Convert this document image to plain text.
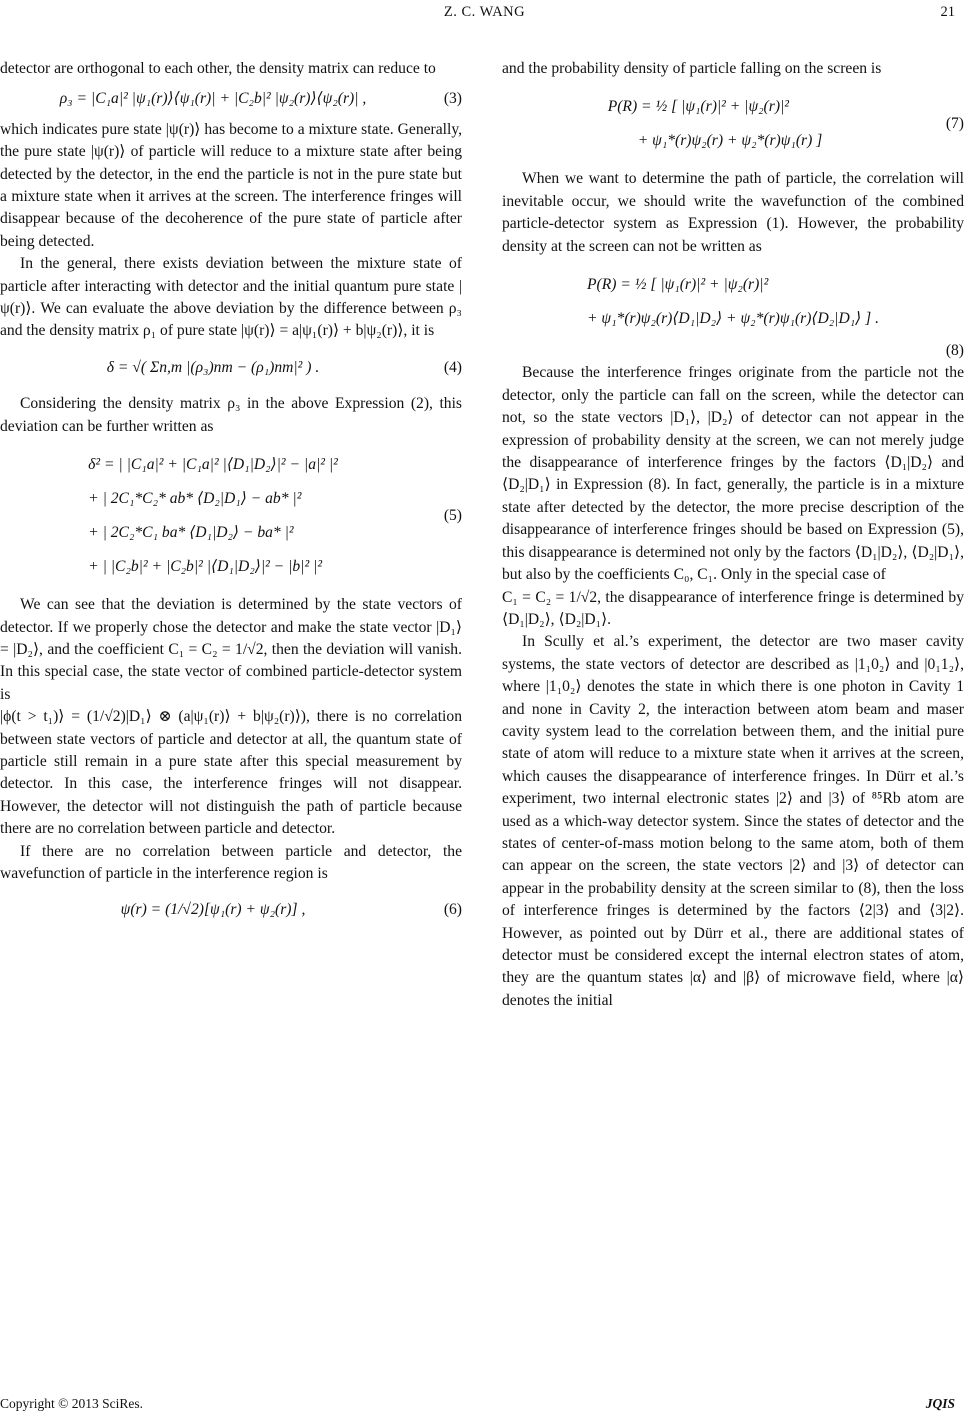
Z. C. WANG	21

detector are orthogonal to each other, the density matrix can reduce to

ρ₃ = |C₁a|² |ψ₁(r)⟩⟨ψ₁(r)| + |C₂b|² |ψ₂(r)⟩⟨ψ₂(r)| ,	(3)

which indicates pure state |ψ(r)⟩ has become to a mixture state. Generally, the pure state |ψ(r)⟩ of particle will reduce to a mixture state after being detected by the detector, in the end the particle is not in the pure state but a mixture state when it arrives at the screen. The interference fringes will disappear because of the decoherence of the pure state of particle after being detected.

In the general, there exists deviation between the mixture state of particle after interacting with detector and the initial quantum pure state |ψ(r)⟩. We can evaluate the above deviation by the difference between ρ₃ and the density matrix ρ₁ of pure state |ψ(r)⟩ = a|ψ₁(r)⟩ + b|ψ₂(r)⟩, it is

δ = √( Σn,m |(ρ₃)nm − (ρ₁)nm|² ) .	(4)

Considering the density matrix ρ₃ in the above Expression (2), this deviation can be further written as

δ² = | |C₁a|² + |C₁a|² |⟨D₁|D₂⟩|² − |a|² |²
+ | 2C₁*C₂* ab* ⟨D₂|D₁⟩ − ab* |²
+ | 2C₂*C₁ ba* ⟨D₁|D₂⟩ − ba* |²
+ | |C₂b|² + |C₂b|² |⟨D₁|D₂⟩|² − |b|² |²
(5)

We can see that the deviation is determined by the state vectors of detector. If we properly chose the detector and make the state vector |D₁⟩ = |D₂⟩, and the coefficient C₁ = C₂ = 1/√2, then the deviation will vanish. In this special case, the state vector of combined particle-detector system is

|ϕ(t > t₁)⟩ = (1/√2)|D₁⟩ ⊗ (a|ψ₁(r)⟩ + b|ψ₂(r)⟩), there is no correlation between state vectors of particle and detector at all, the quantum state of particle still remain in a pure state after this special measurement by detector. In this case, the interference fringes will not disappear. However, the detector will not distinguish the path of particle because there are no correlation between particle and detector.

If there are no correlation between particle and detector, the wavefunction of particle in the interference region is

ψ(r) = (1/√2)[ψ₁(r) + ψ₂(r)] ,	(6)

and the probability density of particle falling on the screen is

P(R) = ½ [ |ψ₁(r)|² + |ψ₂(r)|²
+ ψ₁*(r)ψ₂(r) + ψ₂*(r)ψ₁(r) ]
(7)

When we want to determine the path of particle, the correlation will inevitable occur, we should write the wavefunction of the combined particle-detector system as Expression (1). However, the probability density at the screen can not be written as

P(R) = ½ [ |ψ₁(r)|² + |ψ₂(r)|²
+ ψ₁*(r)ψ₂(r)⟨D₁|D₂⟩ + ψ₂*(r)ψ₁(r)⟨D₂|D₁⟩ ] .
(8)

Because the interference fringes originate from the particle not the detector, only the particle can fall on the screen, while the detector can not, so the state vectors |D₁⟩, |D₂⟩ of detector can not appear in the expression of probability density at the screen, we can not merely judge the disappearance of interference fringes by the factors ⟨D₁|D₂⟩ and ⟨D₂|D₁⟩ in Expression (8). In fact, generally, the particle is in a mixture state after detected by the detector, the more precise description of the disappearance of interference fringes should be based on Expression (5), this disappearance is determined not only by the factors ⟨D₁|D₂⟩, ⟨D₂|D₁⟩, but also by the coefficients C₀, C₁. Only in the special case of

C₁ = C₂ = 1/√2, the disappearance of interference fringe is determined by ⟨D₁|D₂⟩, ⟨D₂|D₁⟩.

In Scully et al.’s experiment, the detector are two maser cavity systems, the state vectors of detector are described as |1₁0₂⟩ and |0₁1₂⟩, where |1₁0₂⟩ denotes the state in which there is one photon in Cavity 1 and none in Cavity 2, the interaction between atom beam and maser cavity system lead to the correlation between them, and the initial pure state of atom will reduce to a mixture state when it arrives at the screen, which causes the disappearance of interference fringes. In Dürr et al.’s experiment, two internal electronic states |2⟩ and |3⟩ of ⁸⁵Rb atom are used as a which-way detector system. Since the states of detector and the states of center-of-mass motion belong to the same atom, both of them can appear on the screen, the state vectors |2⟩ and |3⟩ of detector can appear in the probability density at the screen similar to (8), then the loss of interference fringes is determined by the factors ⟨2|3⟩ and ⟨3|2⟩. However, as pointed out by Dürr et al., there are additional states of detector must be considered except the internal electron states of atom, they are the quantum states |α⟩ and |β⟩ of microwave field, where |α⟩ denotes the initial

Copyright © 2013 SciRes.	JQIS
